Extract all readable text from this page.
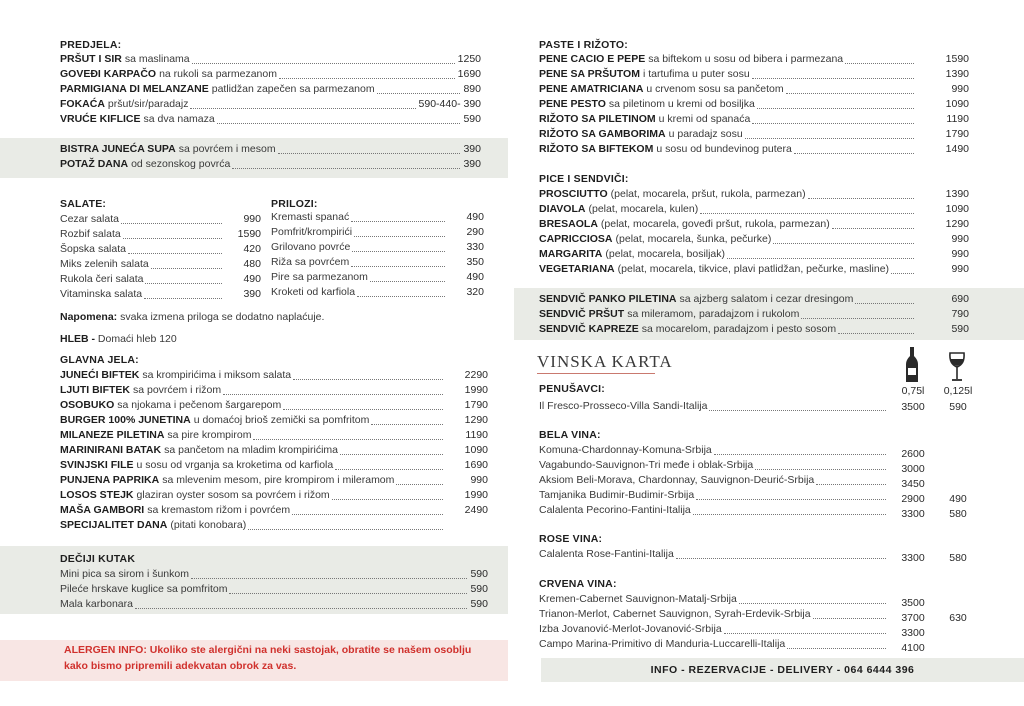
PREDJELA:
PRŠUT I SIR sa maslinama	1250
GOVEĐI KARPAČO na rukoli sa parmezanom	1690
PARMIGIANA DI MELANZANE patlidžan zapečen sa parmezanom	890
FOKAĆA pršut/sir/paradajz	590-440- 390
VRUĆE KIFLICE sa dva namaza	590
BISTRA JUNEĆA SUPA sa povrćem i mesom	390
POTAŽ DANA od sezonskog povrća	390
SALATE:	PRILOZI:
Cezar salata	990
Rozbif salata	1590
Šopska salata	420
Miks zelenih salata	480
Rukola čeri salata	490
Vitaminska salata	390
Kremasti spanać	490
Pomfrit/krompirići	290
Grilovano povrće	330
Riža sa povrćem	350
Pire sa parmezanom	490
Kroketi od karfiola	320
Napomena: svaka izmena priloga se dodatno naplaćuje.
HLEB - Domaći hleb 120
GLAVNA JELA:
JUNEĆI BIFTEK sa krompirićima i miksom salata	2290
LJUTI BIFTEK sa povrćem i rižom	1990
OSOBUKO sa njokama i pečenom šargarepom	1790
BURGER 100% JUNETINA u domaćoj brioš zemički sa pomfritom	1290
MILANEZE PILETINA sa pire krompirom	1190
MARINIRANI BATAK sa pančetom na mladim krompirićima	1090
SVINJSKI FILE u sosu od vrganja sa kroketima od karfiola	1690
PUNJENA PAPRIKA sa mlevenim mesom, pire krompirom i mileramom	990
LOSOS STEJK glaziran oyster sosom sa povrćem i rižom	1990
MAŠA GAMBORI sa kremastom rižom i povrćem	2490
SPECIJALITET DANA (pitati konobara)
DEČIJI KUTAK
Mini pica sa sirom i šunkom	590
Pileće hrskave kuglice sa pomfritom	590
Mala karbonara	590
ALERGEN INFO: Ukoliko ste alergični na neki sastojak, obratite se našem osoblju
kako bismo pripremili adekvatan obrok za vas.
PASTE I RIŽOTO:
PENE CACIO E PEPE sa biftekom u sosu od bibera i parmezana	1590
PENE SA PRŠUTOM i tartufima u puter sosu	1390
PENE AMATRICIANA u crvenom sosu sa pančetom	990
PENE PESTO sa piletinom u kremi od bosiljka	1090
RIŽOTO SA PILETINOM u kremi od spanaća	1190
RIŽOTO SA GAMBORIMA u paradajz sosu	1790
RIŽOTO SA BIFTEKOM u sosu od bundevinog putera	1490
PICE I SENDVIČI:
PROSCIUTTO (pelat, mocarela, pršut, rukola, parmezan)	1390
DIAVOLA (pelat, mocarela, kulen)	1090
BRESAOLA (pelat, mocarela, goveđi pršut, rukola, parmezan)	1290
CAPRICCIOSA (pelat, mocarela, šunka, pečurke)	990
MARGARITA (pelat, mocarela, bosiljak)	990
VEGETARIANA (pelat, mocarela, tikvice, plavi patlidžan, pečurke, masline)	990
SENDVIČ PANKO PILETINA sa ajzberg salatom i cezar dresingom	690
SENDVIČ PRŠUT sa mileramom, paradajzom i rukolom	790
SENDVIČ KAPREZE sa mocarelom, paradajzom i pesto sosom	590
VINSKA KARTA
0,75l	0,125l
PENUŠAVCI:
Il Fresco-Prosseco-Villa Sandi-Italija	3500	590
BELA VINA:
Komuna-Chardonnay-Komuna-Srbija	2600
Vagabundo-Sauvignon-Tri međe i oblak-Srbija	3000
Aksiom Beli-Morava, Chardonnay, Sauvignon-Deurić-Srbija	3450
Tamjanika Budimir-Budimir-Srbija	2900	490
Calalenta Pecorino-Fantini-Italija	3300	580
ROSE VINA:
Calalenta Rose-Fantini-Italija	3300	580
CRVENA VINA:
Kremen-Cabernet Sauvignon-Matalj-Srbija	3500
Trianon-Merlot, Cabernet Sauvignon, Syrah-Erdevik-Srbija	3700	630
Izba Jovanović-Merlot-Jovanović-Srbija	3300
Campo Marina-Primitivo di Manduria-Luccarelli-Italija	4100
INFO - REZERVACIJE - DELIVERY - 064 6444 396
